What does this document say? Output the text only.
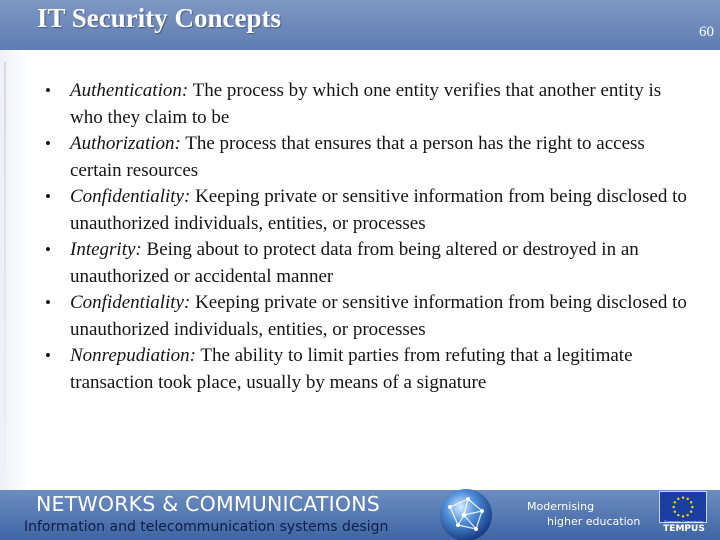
IT Security Concepts	60
• Authentication: The process by which one entity verifies that another entity is who they claim to be
• Authorization: The process that ensures that a person has the right to access certain resources
• Confidentiality: Keeping private or sensitive information from being disclosed to unauthorized individuals, entities, or processes
• Integrity: Being about to protect data from being altered or destroyed in an unauthorized or accidental manner
• Confidentiality: Keeping private or sensitive information from being disclosed to unauthorized individuals, entities, or processes
• Nonrepudiation: The ability to limit parties from refuting that a legitimate transaction took place, usually by means of a signature
NETWORKS & COMMUNICATIONS
Information and telecommunication systems design
Modernising
higher education	European Commission
TEMPUS
